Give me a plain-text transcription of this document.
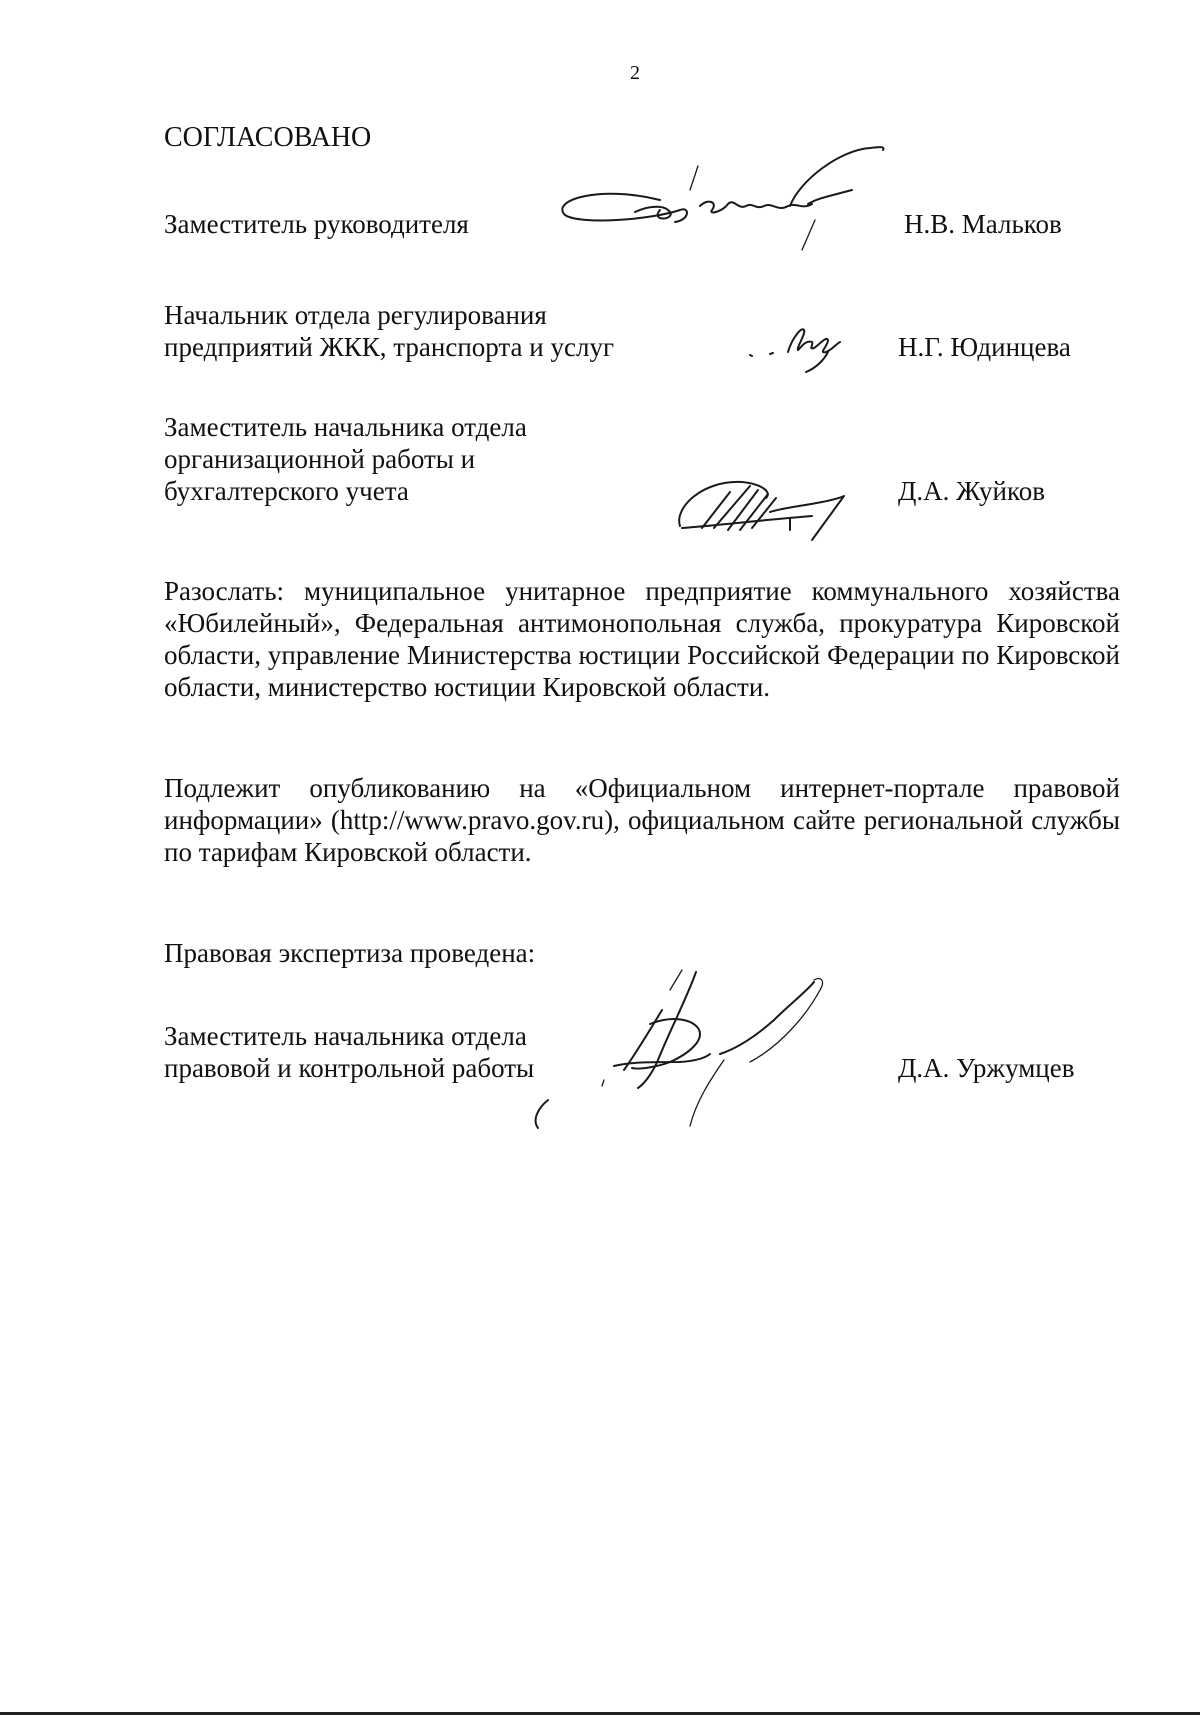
2
СОГЛАСОВАНО
Заместитель руководителя	Н.В. Мальков
Начальник отдела регулирования
предприятий ЖКК, транспорта и услуг	Н.Г. Юдинцева
Заместитель начальника отдела
организационной работы и
бухгалтерского учета	Д.А. Жуйков
Разослать: муниципальное унитарное предприятие коммунального хозяйства «Юбилейный», Федеральная антимонопольная служба, прокуратура Кировской области, управление Министерства юстиции Российской Федерации по Кировской области, министерство юстиции Кировской области.
Подлежит опубликованию на «Официальном интернет-портале правовой информации» (http://www.pravo.gov.ru), официальном сайте региональной службы по тарифам Кировской области.
Правовая экспертиза проведена:
Заместитель начальника отдела
правовой и контрольной работы	Д.А. Уржумцев
